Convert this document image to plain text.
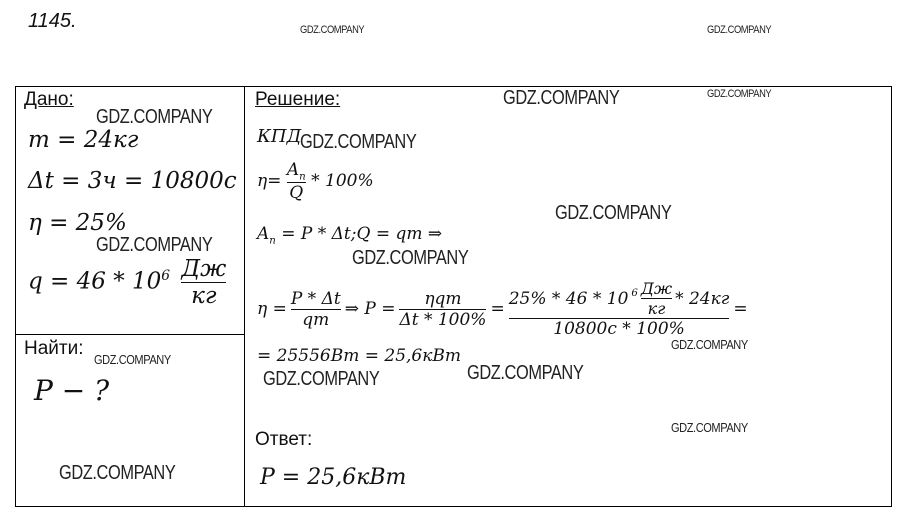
1145.
Дано:
m = 24кг
Δt = 3ч = 10800с
η = 25%
$q = 46 * 10^6 \frac{Дж}{кг}$
Найти:
P − ?
Решение:
КПД
$\eta= \frac{A_п}{Q} * 100\%$
$A_п = P$ * Δt;Q = qm ⇒
$\eta = \frac{P * \Delta t}{qm}$ ⇒ $P = \frac{\text{ηqm}}{\Delta t * 100\%} = \frac{25\% * 46 * 10 ^6 \frac{Дж}{кг} * 24кг}{10800с * 100\%}$ =
= 25556Вт = 25,6кВт
Ответ:
P = 25,6кВт
GDZ.COMPANY	GDZ.COMPANY
GDZ.COMPANY
GDZ.COMPANY
GDZ.COMPANY
GDZ.COMPANY
GDZ.COMPANY
GDZ.COMPANY
GDZ.COMPANY
GDZ.COMPANY
GDZ.COMPANY
GDZ.COMPANY	GDZ.COMPANY
GDZ.COMPANY
GDZ.COMPANY
